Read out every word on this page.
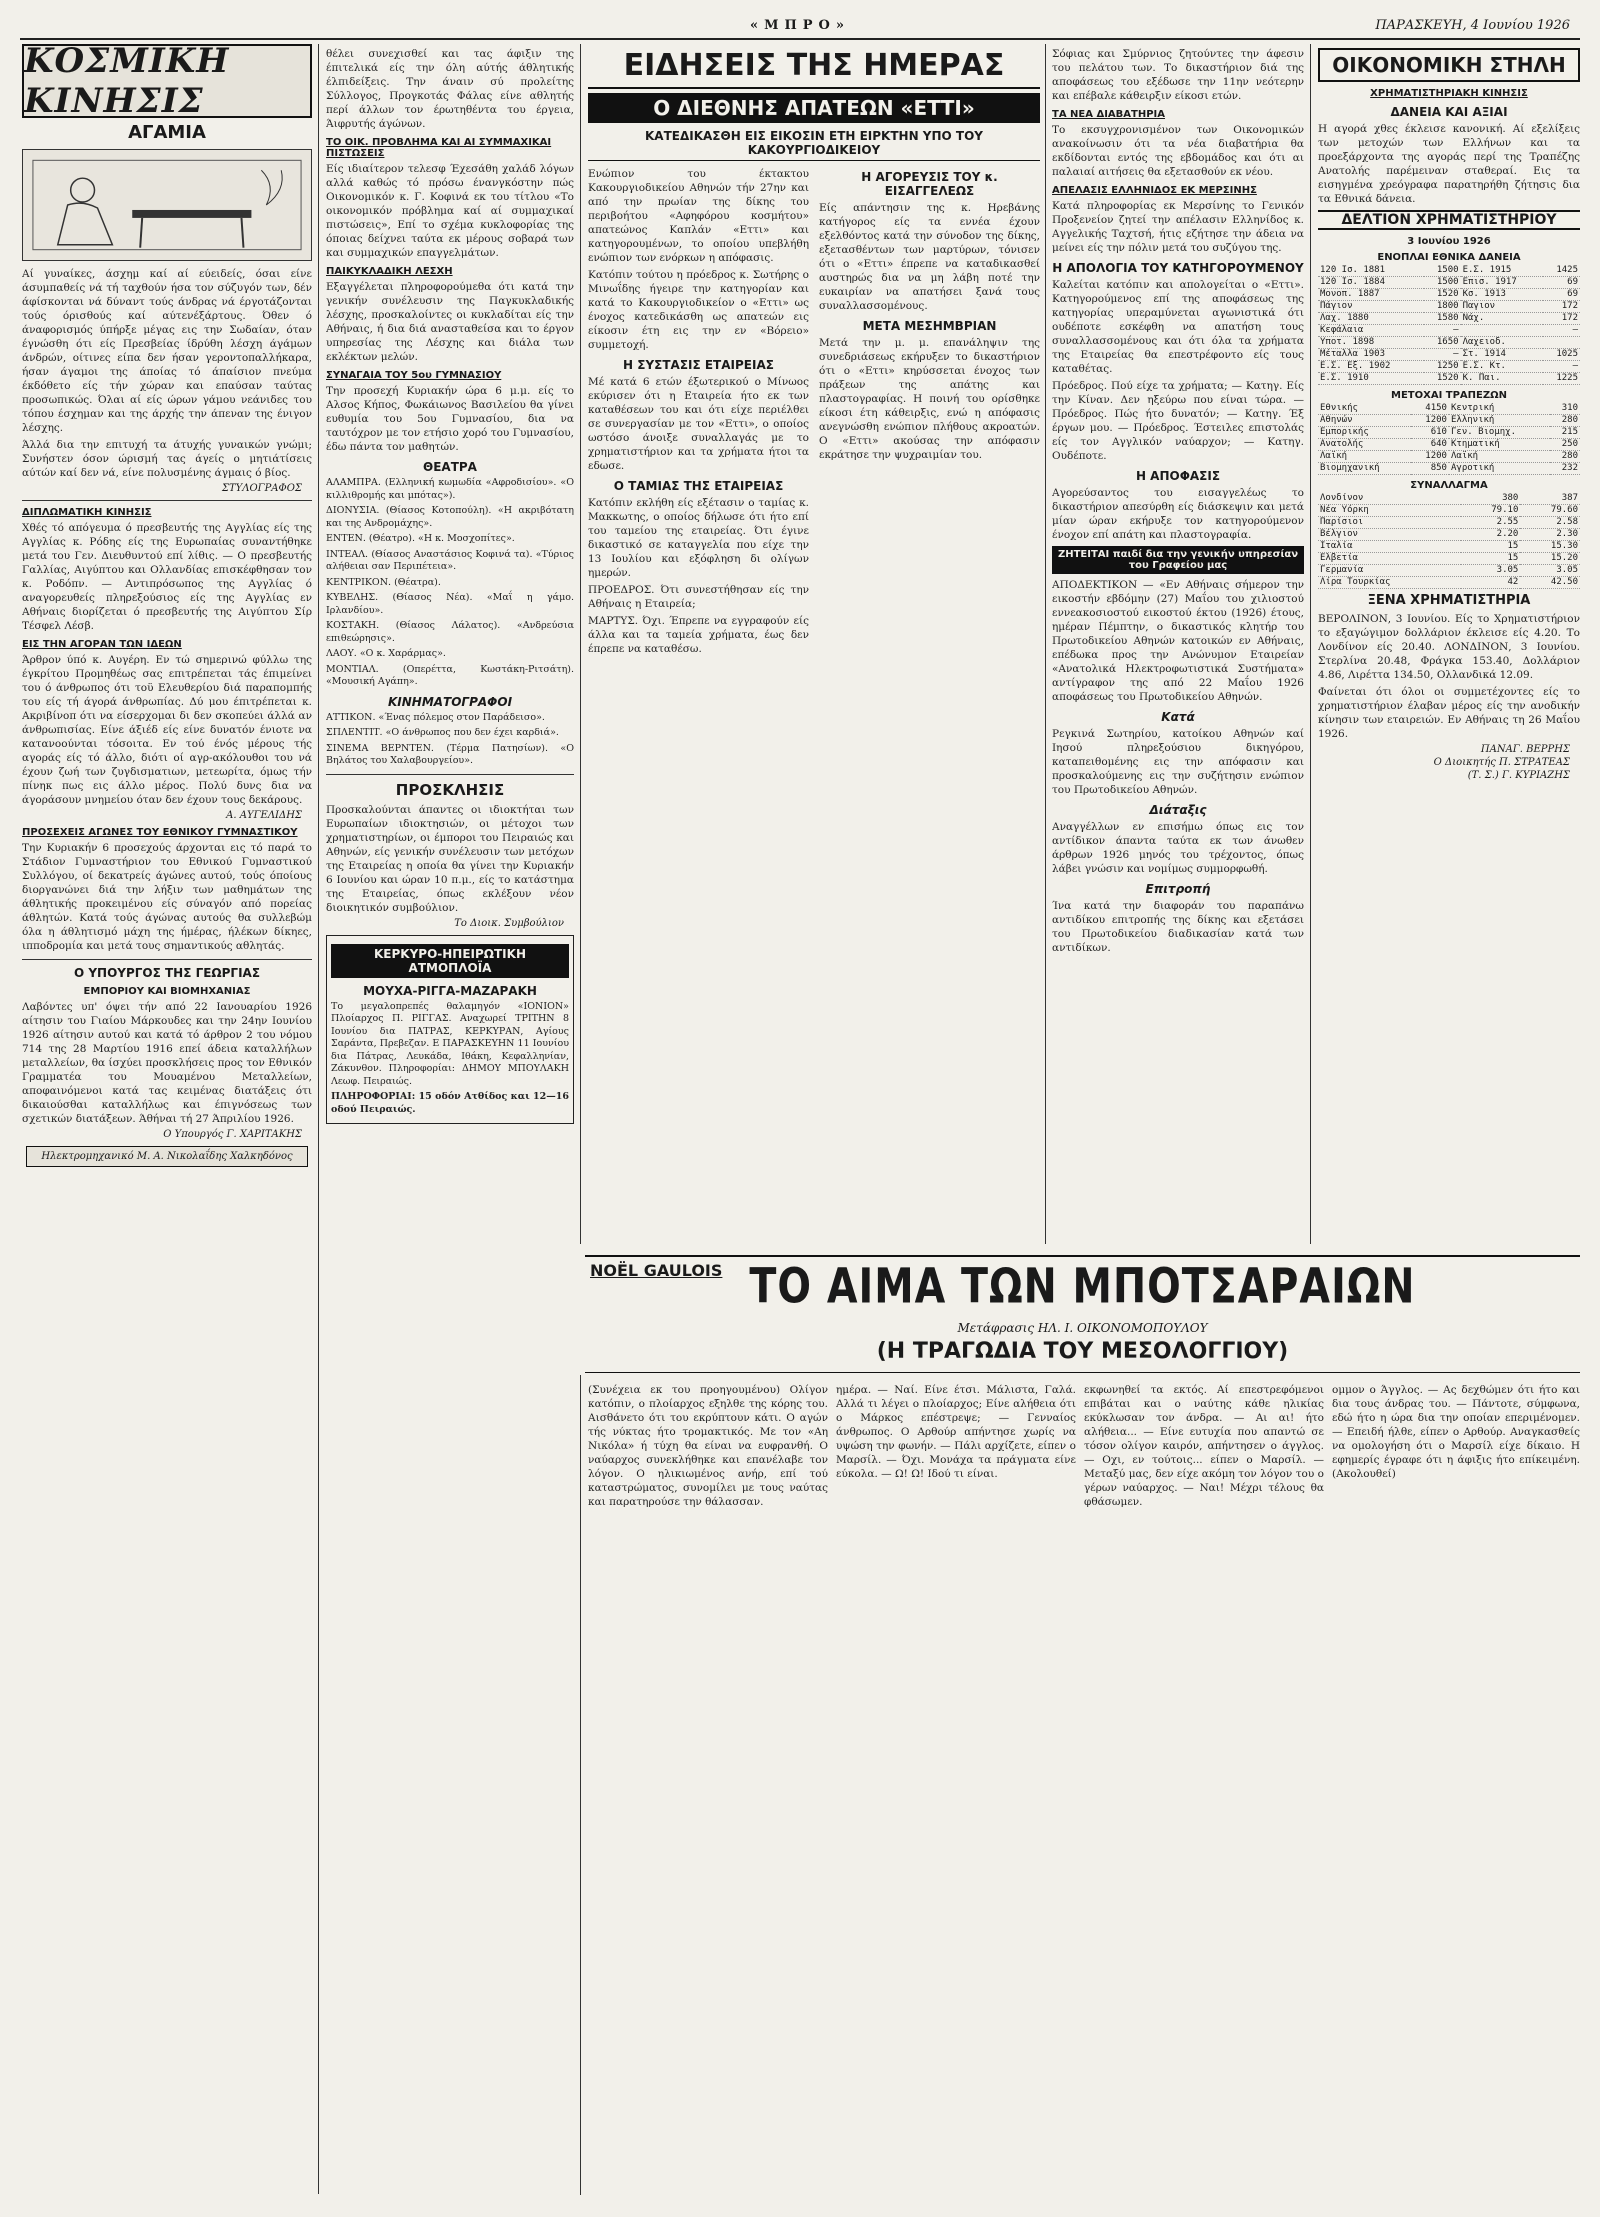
«ΜΠΡΟ»	ΠΑΡΑΣΚΕΥΗ, 4 Ιουνίου 1926
ΚΟΣΜΙΚΗ ΚΙΝΗΣΙΣ
ΑΓΑΜΙΑ

Αί γυναίκες, άσχημ καί αί εύειδείς, όσαι είνε άσυμπαθείς νά τή ταχθούν ήσα τον σύζυγόν των, δέν άφίσκονται νά δύναντ τούς άνδρας νά έργοτάζονται τούς όρισθούς καί αύτενέξάρτους. Όθεν ό άναφορισμός ύπήρξε μέγας εις την Σωδαίαν, όταν έγνώσθη ότι είς Πρεσβείας ίδρύθη λέσχη άγάμων άνδρών, οίτινες είπα δεν ήσαν γεροντοπαλλήκαρα, ήσαν άγαμοι της άποίας τό άπαίσιον πνεύμα έκδόθετο είς τήν χώραν και επαύσαν ταύτας προσωπικώς. Όλαι αί είς ώρων γάμου νεάνιδες του τόπου έσχημαν και της άρχής την άπεναν της ένιγον λέσχης.

Άλλά δια την επιτυχή τα άτυχής γυναικών γνώμι; Συνήστεν όσον ώρισμή τας άγείς ο μητιάτίσεις αύτών καί δεν νά, είνε πολυσμένης άγμαις ό βίος.

ΣΤΥΛΟΓΡΑΦΟΣ
ΔΙΠΛΩΜΑΤΙΚΗ ΚΙΝΗΣΙΣ

Χθές τό απόγευμα ό πρεσβευτής της Αγγλίας είς της Αγγλίας κ. Ρόδης είς της Ευρωπαίας συναντήθηκε μετά του Γεν. Διευθυντού επί λίθις. — Ο πρεσβευτής Γαλλίας, Αιγύπτου και Ολλανδίας επισκέφθησαν τον κ. Ροδόπν. — Αντιπρόσωπος της Αγγλίας ό αναγορευθείς πληρεξούσιος είς της Αγγλίας εν Αθήναις διορίζεται ό πρεσβευτής της Αιγύπτου Σίρ Τέσφελ Λέσβ.

ΕΙΣ ΤΗΝ ΑΓΟΡΑΝ ΤΩΝ ΙΔΕΩΝ

Άρθρον ύπό κ. Αυγέρη. Εν τώ σημερινώ φύλλω της έγκρίτου Προμηθέως σας επιτρέπεται τάς έπιμείνει του ό άνθρωπος ότι τοϋ Ελευθερίου διά παραπομπής του είς τή άγορά άνθρωπίας. Δύ μου έπιτρέπεται κ. Ακριβίνοπ ότι να είσερχομαι δι δεν σκοπεύει άλλά αν άνθρωπισίας. Είνε άξιέδ είς είνε δυνατόν ένιοτε να κατανοούνται τόσοιτα. Εν τού ένός μέρους τής αγοράς είς τό άλλο, διότι οί αγρ-ακόλουθοι του νά έχουν ζωή των ζυγδισματιων, μετεωρίτα, όμως τήν πίνηκ πως εις άλλο μέρος. Πολύ δυνς δια να άγοράσουν μνημείου όταν δεν έχουν τους δεκάρους.

Α. ΑΥΓΕΛΙΔΗΣ
ΠΡΟΣΕΧΕΙΣ ΑΓΩΝΕΣ ΤΟΥ ΕΘΝΙΚΟΥ ΓΥΜΝΑΣΤΙΚΟΥ

Την Κυριακήν 6 προσεχούς άρχονται εις τό παρά το Στάδιον Γυμναστήριον του Εθνικού Γυμναστικού Συλλόγου, οί δεκατρείς άγώνες αυτού, τούς όποίους διοργανώνει διά την λήξιν των μαθημάτων της άθλητικής προκειμένου είς σύναγόν από πορείας άθλητών. Κατά τούς άγώνας αυτούς θα συλλεβώμ όλα η άθλητισμό μάχη της ήμέρας, ήλέκων δίκηες, ιπποδρομία και μετά τους σημαντικούς αθλητάς.

Ο ΥΠΟΥΡΓΟΣ ΤΗΣ ΓΕΩΡΓΙΑΣ
ΕΜΠΟΡΙΟΥ ΚΑΙ ΒΙΟΜΗΧΑΝΙΑΣ

Λαβόντες υπ' όψει τήν από 22 Ιανουαρίου 1926 αίτησιν του Γιαίου Μάρκουδες και την 24ην Ιουνίου 1926 αίτησιν αυτού και κατά τό άρθρον 2 του νόμου 714 της 28 Μαρτίου 1916 επεί άδεια καταλλήλων μεταλλείων, θα ίσχύει προσκλήσεις προς τον Εθνικόν Γραμματέα του Μουαμένου Μεταλλείων, αποφαινόμενοι κατά τας κειμένας διατάξεις ότι δικαιούσθαι καταλλήλως και έπιγνόσεως των σχετικών διατάξεων. Άθήναι τή 27 Άπριλίου 1926.

Ο Υπουργός Γ. ΧΑΡΙΤΑΚΗΣ
Ηλεκτρομηχανικό Μ. Α. Νικολαΐδης Χαλκηδόνος

θέλει συνεχισθεί και τας άφιξιν της έπιτελικά είς την όλη αύτής άθλητικής έλπιδείξεις. Την άναιν σύ προλείτης Σύλλογος, Προγκοτάς Φάλας είνε αθλητής περί άλλων τον έρωτηθέντα του έργεια, Άιφρυτής άγώνων.

ΤΟ ΟΙΚ. ΠΡΟΒΛΗΜΑ ΚΑΙ ΑΙ ΣΥΜΜΑΧΙΚΑΙ ΠΙΣΤΩΣΕΙΣ

Είς ιδιαίτερον τελεσφ Έχεσάθη χαλάδ λόγων αλλά καθώς τό πρόσω ένανγκόστην πώς Οικονομικόν κ. Γ. Κοφινά εκ του τίτλου «Το οικονομικόν πρόβλημα καί αί συμμαχικαί πιστώσεις», Επί το σχέμα κυκλοφορίας της όποιας δείχνει ταύτα εκ μέρους σοβαρά των και συμμαχικών επαγγελμάτων.

ΠΑΙΚΥΚΛΑΔΙΚΗ ΛΕΣΧΗ

Εξαγγέλεται πληροφορούμεθα ότι κατά την γενικήν συνέλευσιν της Παγκυκλαδικής λέσχης, προσκαλοίντες οι κυκλαδίται είς την Αθήναις, ή δια διά ανασταθείσα και το έργον υπηρεσίας της Λέσχης και διάλα των εκλέκτων μελών.

ΣΥΝΑΓΑΙΑ ΤΟΥ 5ου ΓΥΜΝΑΣΙΟΥ

Την προσεχή Κυριακήν ώρα 6 μ.μ. είς το Αλσος Κήπος, Φωκάιωνος Βασιλείου θα γίνει ευθυμία του 5ου Γυμνασίου, δια να ταυτόχρον με τον ετήσιο χορό του Γυμνασίου, έδω πάντα τον μαθητών.

ΘΕΑΤΡΑ

ΑΛΑΜΠΡΑ. (Ελληνική κωμωδία «Αφροδισίου». «Ο κιλλιθρομής και μπότας»).

ΔΙΟΝΥΣΙΑ. (Θίασος Κοτοπούλη). «Η ακριβότατη και της Ανδρομάχης».

ΕΝΤΕΝ. (Θέατρο). «Η κ. Μοσχοπίτες».

ΙΝΤΕΑΛ. (Θίασος Αναστάσιος Κοφινά τα). «Τύριος αλήθειαι σαν Περιπέτεια».

ΚΕΝΤΡΙΚΟΝ. (Θέατρα).

ΚΥΒΕΛΗΣ. (Θίασος Νέα). «Μαΐ η γάμο. Ιρλανδίου».

ΚΟΣΤΑΚΗ. (Θίασος Λάλατος). «Ανδρεύσια επιθεώρησις».

ΛΑΟΥ. «Ο κ. Χαράρμας».

ΜΟΝΤΙΑΛ. (Οπερέττα, Κωστάκη-Ριτσάτη). «Μουσική Αγάπη».

ΚΙΝΗΜΑΤΟΓΡΑΦΟΙ

ΑΤΤΙΚΟΝ. «Ένας πόλεμος στον Παράδεισο».

ΣΠΛΕΝΤΙΤ. «Ο άνθρωπος που δεν έχει καρδιά».

ΣΙΝΕΜΑ ΒΕΡΝΤΕΝ. (Τέρμα Πατησίων). «Ο Βηλάτος του Χαλαβουργείου».

ΠΡΟΣΚΛΗΣΙΣ

Προσκαλούνται άπαντες οι ιδιοκτήται των Ευρωπαίων ιδιοκτησιών, οι μέτοχοι των χρηματιστηρίων, οι έμποροι του Πειραιώς και Αθηνών, είς γενικήν συνέλευσιν των μετόχων της Εταιρείας η οποία θα γίνει την Κυριακήν 6 Ιουνίου και ώραν 10 π.μ., είς το κατάστημα της Εταιρείας, όπως εκλέξουν νέον διοικητικόν συμβούλιον.

Το Διοικ. Συμβούλιον
ΚΕΡΚΥΡΟ-ΗΠΕΙΡΩΤΙΚΗ ΑΤΜΟΠΛΟΪΑ
ΜΟΥΧΑ-ΡΙΓΓΑ-ΜΑΖΑΡΑΚΗ

Το μεγαλοπρεπές θαλαμηγόν «ΙΟΝΙΟΝ» Πλοίαρχος Π. ΡΙΓΓΑΣ. Αναχωρεί ΤΡΙΤΗΝ 8 Ιουνίου δια ΠΑΤΡΑΣ, ΚΕΡΚΥΡΑΝ, Αγίους Σαράντα, Πρεβεζαν. Ε ΠΑΡΑΣΚΕΥΗΝ 11 Ιουνίου δια Πάτρας, Λευκάδα, Ιθάκη, Κεφαλληνίαν, Ζάκυνθον. Πληροφορίαι: ΔΗΜΟΥ ΜΠΟΥΛΑΚΗ Λεωφ. Πειραιώς.

ΠΛΗΡΟΦΟΡΙΑΙ: 15 οδόν Ατθίδος και 12—16 οδού Πειραιώς.

ΕΙΔΗΣΕΙΣ ΤΗΣ ΗΜΕΡΑΣ
Ο ΔΙΕΘΝΗΣ ΑΠΑΤΕΩΝ «ΕΤΤΙ»
ΚΑΤΕΔΙΚΑΣΘΗ ΕΙΣ ΕΙΚΟΣΙΝ ΕΤΗ ΕΙΡΚΤΗΝ ΥΠΟ ΤΟΥ ΚΑΚΟΥΡΓΙΟΔΙΚΕΙΟΥ

Ενώπιον του έκτακτου Κακουργιοδικείου Αθηνών τήν 27ην και από την πρωίαν της δίκης του περιβοήτου «Αφηφόρου κοσμήτου» απατεώνος Καπλάν «Εττι» και κατηγορουμένων, το οποίου υπεβλήθη ενώπιον των ενόρκων η απόφασις.

Κατόπιν τούτου η πρόεδρος κ. Σωτήρης ο Μινωΐδης ήγειρε την κατηγορίαν και κατά το Κακουργιοδικείον ο «Εττι» ως ένοχος κατεδικάσθη ως απατεών εις είκοσιν έτη εις την εν «Βόρειο» συμμετοχή.

Η ΣΥΣΤΑΣΙΣ ΕΤΑΙΡΕΙΑΣ

Μέ κατά 6 ετών έξωτερικού ο Μίνωος εκύρισεν ότι η Εταιρεία ήτο εκ των καταθέσεων του και ότι είχε περιέλθει σε συνεργασίαν με τον «Εττι», ο οποίος ωστόσο άνοιξε συναλλαγάς με το χρηματιστήριον και τα χρήματα ήτοι τα εδωσε.

Ο ΤΑΜΙΑΣ ΤΗΣ ΕΤΑΙΡΕΙΑΣ

Κατόπιν εκλήθη είς εξέτασιν ο ταμίας κ. Μακκωτης, ο οποίος δήλωσε ότι ήτο επί του ταμείου της εταιρείας. Ότι έγινε δικαστικό σε καταγγελία που είχε την 13 Ιουλίου και εξόφληση δι ολίγων ημερών.

ΠΡΟΕΔΡΟΣ. Ότι συνεστήθησαν είς την Αθήναις η Εταιρεία;

ΜΑΡΤΥΣ. Όχι. Έπρεπε να εγγραφούν είς άλλα και τα ταμεία χρήματα, έως δεν έπρεπε να καταθέσω.

Η ΑΓΟΡΕΥΣΙΣ ΤΟΥ κ. ΕΙΣΑΓΓΕΛΕΩΣ

Είς απάντησιν της κ. Ηρεβάνης κατήγορος είς τα εννέα έχουν εξελθόντος κατά την σύνοδον της δίκης, εξετασθέντων των μαρτύρων, τόνισεν ότι ο «Εττι» έπρεπε να καταδικασθεί αυστηρώς δια να μη λάβη ποτέ την ευκαιρίαν να απατήσει ξανά τους συναλλασσομένους.

ΜΕΤΑ ΜΕΣΗΜΒΡΙΑΝ

Μετά την μ. μ. επανάληψιν της συνεδριάσεως εκήρυξεν το δικαστήριον ότι ο «Εττι» κηρύσσεται ένοχος των πράξεων της απάτης και πλαστογραφίας. Η ποινή του ορίσθηκε είκοσι έτη κάθειρξις, ενώ η απόφασις ανεγνώσθη ενώπιον πλήθους ακροατών. Ο «Εττι» ακούσας την απόφασιν εκράτησε την ψυχραιμίαν του.

Σόφιας και Σμύρνιος ζητούντες την άφεσιν του πελάτου των. Το δικαστήριον διά της αποφάσεως του εξέδωσε την 11ην νεότερην και επέβαλε κάθειρξιν είκοσι ετών.

ΤΑ ΝΕΑ ΔΙΑΒΑΤΗΡΙΑ

Το εκσυγχρονισμένον των Οικονομικών ανακοίνωσιν ότι τα νέα διαβατήρια θα εκδίδονται εντός της εβδομάδος και ότι αι παλαιαί αιτήσεις θα εξετασθούν εκ νέου.

ΑΠΕΛΑΣΙΣ ΕΛΛΗΝΙΔΟΣ ΕΚ ΜΕΡΣΙΝΗΣ

Κατά πληροφορίας εκ Μερσίνης το Γενικόν Προξενείον ζητεί την απέλασιν Ελληνίδος κ. Αγγελικής Ταχτσή, ήτις εζήτησε την άδεια να μείνει είς την πόλιν μετά του συζύγου της.

Η ΑΠΟΛΟΓΙΑ ΤΟΥ ΚΑΤΗΓΟΡΟΥΜΕΝΟΥ

Καλείται κατόπιν και απολογείται ο «Εττι». Κατηγορούμενος επί της αποφάσεως της κατηγορίας υπεραμύνεται αγωνιστικά ότι ουδέποτε εσκέφθη να απατήση τους συναλλασσομένους και ότι όλα τα χρήματα της Εταιρείας θα επεστρέφοντο είς τους καταθέτας.

Πρόεδρος. Πού είχε τα χρήματα; — Κατηγ. Είς την Κίναν. Δεν ηξεύρω που είναι τώρα. — Πρόεδρος. Πώς ήτο δυνατόν; — Κατηγ. Έξ έργων μου. — Πρόεδρος. Έστειλες επιστολάς είς τον Αγγλικόν ναύαρχον; — Κατηγ. Ουδέποτε.

Η ΑΠΟΦΑΣΙΣ

Αγορεύσαντος του εισαγγελέως το δικαστήριον απεσύρθη είς διάσκεψιν και μετά μίαν ώραν εκήρυξε τον κατηγορούμενον ένοχον επί απάτη και πλαστογραφία.

ΖΗΤΕΙΤΑΙ παιδί δια την γενικήν υπηρεσίαν του Γραφείου μας

ΑΠΟΔΕΚΤΙΚΟΝ — «Εν Αθήναις σήμερον την εικοστήν εβδόμην (27) Μαΐου του χιλιοστού εννεακοσιοστού εικοστού έκτου (1926) έτους, ημέραν Πέμπτην, ο δικαστικός κλητήρ του Πρωτοδικείου Αθηνών κατοικών εν Αθήναις, επέδωκα προς την Ανώνυμον Εταιρείαν «Ανατολικά Ηλεκτροφωτιστικά Συστήματα» αντίγραφον της από 22 Μαΐου 1926 αποφάσεως του Πρωτοδικείου Αθηνών.

Κατά

Ρεγκινά Σωτηρίου, κατοίκου Αθηνών καί Ιησού πληρεξούσιου δικηγόρου, καταπειθομένης εις την απόφασιν και προσκαλούμενης εις την συζήτησιν ενώπιον του Πρωτοδικείου Αθηνών.

Διάταξις

Αναγγέλλων εν επισήμω όπως εις τον αντίδικον άπαντα ταύτα εκ των άνωθεν άρθρων 1926 μηνός του τρέχοντος, όπως λάβει γνώσιν και νομίμως συμμορφωθή.

Επιτροπή

Ίνα κατά την διαφοράν του παραπάνω αντιδίκου επιτροπής της δίκης και εξετάσει του Πρωτοδικείου διαδικασίαν κατά των αντιδίκων.

ΟΙΚΟΝΟΜΙΚΗ ΣΤΗΛΗ
ΧΡΗΜΑΤΙΣΤΗΡΙΑΚΗ ΚΙΝΗΣΙΣ
ΔΑΝΕΙΑ ΚΑΙ ΑΞΙΑΙ

Η αγορά χθες έκλεισε κανονική. Αί εξελίξεις των μετοχών των Ελλήνων και τα προεξάρχοντα της αγοράς περί της Τραπέζης Ανατολής παρέμειναν σταθεραί. Εις τα εισηγμένα χρεόγραφα παρατηρήθη ζήτησις δια τα Εθνικά δάνεια.

ΔΕΛΤΙΟΝ ΧΡΗΜΑΤΙΣΤΗΡΙΟΥ
3 Ιουνίου 1926
ΕΝΟΠΛΑΙ ΕΘΝΙΚΑ ΔΑΝΕΙΑ
120 Ισ. 1881	1500	Ε.Σ. 1915	1425
120 Ισ. 1884	1500	Επισ. 1917	69
Μονοπ. 1887	1520	Κσ. 1913	69
Πάγιον	1800	Παγιον	172
Λαχ. 1880	1580	Νάχ.	172
Κεφάλαια	—		—
Υποτ. 1898	1650	Λαχειοδ.	
Μέταλλα 1903	—	Στ. 1914	1025
Ε.Σ. Εξ. 1902	1250	Ε.Σ. Κτ.	—
Ε.Σ. 1910	1520	Κ. Παι.	1225
ΜΕΤΟΧΑΙ ΤΡΑΠΕΖΩΝ
Εθνικής	4150	Κεντρική	310
Αθηνών	1200	Ελληνική	280
Εμπορικής	610	Γεν. Βιομηχ.	215
Ανατολής	640	Κτηματική	250
Λαϊκή	1200	Λαϊκή	280
Βιομηχανική	850	Αγροτική	232
ΣΥΝΑΛΛΑΓΜΑ
Λονδίνον	380	387
Νέα Υόρκη	79.10	79.60
Παρίσιοι	2.55	2.58
Βέλγιον	2.20	2.30
Ιταλία	15	15.30
Ελβετία	15	15.20
Γερμανία	3.05	3.05
Λίρα Τουρκίας	42	42.50
ΞΕΝΑ ΧΡΗΜΑΤΙΣΤΗΡΙΑ

ΒΕΡΟΛΙΝΟΝ, 3 Ιουνίου. Είς το Χρηματιστήριον το εξαγώγιμον δολλάριον έκλεισε είς 4.20. Το Λονδίνον είς 20.40. ΛΟΝΔΙΝΟΝ, 3 Ιουνίου. Στερλίνα 20.48, Φράγκα 153.40, Δολλάριον 4.86, Λιρέττα 134.50, Ολλανδικά 12.09.

Φαίνεται ότι όλοι οι συμμετέχοντες είς το χρηματιστήριον έλαβαν μέρος είς την ανοδικήν κίνησιν των εταιρειών. Εν Αθήναις τη 26 Μαΐου 1926.

ΠΑΝΑΓ. ΒΕΡΡΗΣ
Ο Διοικητής Π. ΣΤΡΑΤΕΑΣ
(Τ. Σ.) Γ. ΚΥΡΙΑΖΗΣ
NOËL GAULOIS ΤΟ ΑΙΜΑ ΤΩΝ ΜΠΟΤΣΑΡΑΙΩΝ
Μετάφρασις ΗΛ. Ι. ΟΙΚΟΝΟΜΟΠΟΥΛΟΥ
(Η ΤΡΑΓΩΔΙΑ ΤΟΥ ΜΕΣΟΛΟΓΓΙΟΥ)

(Συνέχεια εκ του προηγουμένου) Ολίγον κατόπιν, ο πλοίαρχος εξηλθε της κόρης του. Αισθάνετο ότι του εκρύπτουν κάτι. Ο αγών τής νύκτας ήτο τρομακτικός. Με τον «Αη Νικόλα» ή τύχη θα είναι να ευφρανθή. Ο ναύαρχος συνεκλήθηκε και επανέλαβε τον λόγον. Ο ηλικιωμένος ανήρ, επί τού καταστρώματος, συνομίλει με τους ναύτας και παρατηρούσε την θάλασσαν.

ημέρα. — Ναί. Είνε έτσι. Μάλιστα, Γαλά. Αλλά τι λέγει ο πλοίαρχος; Είνε αλήθεια ότι ο Μάρκος επέστρεψε; — Γενναίος άνθρωπος. Ο Αρθούρ απήντησε χωρίς να υψώση την φωνήν. — Πάλι αρχίζετε, είπεν ο Μαρσίλ. — Όχι. Μονάχα τα πράγματα είνε εύκολα. — Ω! Ω! Ιδού τι είναι.

εκφωνηθεί τα εκτός. Αί επεστρεφόμενοι επιβάται και ο ναύτης κάθε ηλικίας εκύκλωσαν τον άνδρα. — Αι αι! ήτο αλήθεια... — Είνε ευτυχία που απαντώ σε τόσον ολίγον καιρόν, απήντησεν ο άγγλος. — Οχι, εν τούτοις... είπεν ο Μαρσίλ. — Μεταξύ μας, δεν είχε ακόμη τον λόγον του ο γέρων ναύαρχος. — Ναι! Μέχρι τέλους θα φθάσωμεν.

ομμον ο Άγγλος. — Ας δεχθώμεν ότι ήτο και δια τους άνδρας του. — Πάντοτε, σύμφωνα, εδώ ήτο η ώρα δια την οποίαν επεριμένομεν. — Επειδή ήλθε, είπεν ο Αρθούρ. Αναγκασθείς να ομολογήση ότι ο Μαρσίλ είχε δίκαιο. Η εφημερίς έγραφε ότι η άφιξις ήτο επίκειμένη. (Ακολουθεί)
